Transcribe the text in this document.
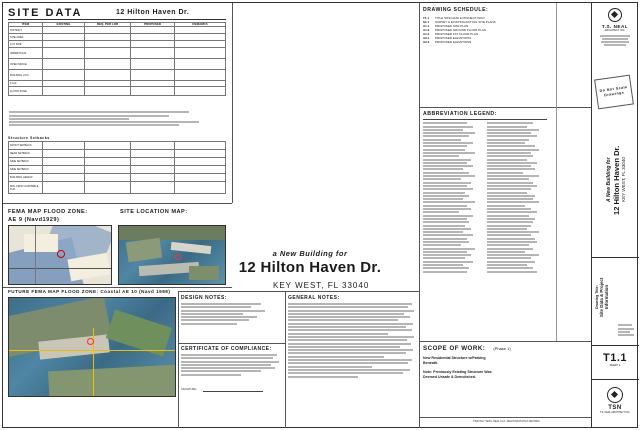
SITE DATA	12 Hilton Haven Dr.
ITEM	EXISTING	REQ. PER LDR	PROPOSED	REMARKS
DISTRICT				
SITE AREA				
LOT SIZE				
IMPERVIOUS				
OPEN SPACE				
BUILDING COV.				
F.A.R.				
FLOOD ZONE				
Structure Setbacks
FRONT SETBACK				
REAR SETBACK				
SIDE SETBACK				
SIDE SETBACK				
BUILDING HEIGHT				
MIN. FIRST HABITABLE FLR.				
FEMA MAP FLOOD ZONE:
AE 9 (Navd1929)
SITE LOCATION MAP:
FUTURE FEMA MAP FLOOD ZONE: Coastal AE 10 (Navd 1988)
a New Building for
12 Hilton Haven Dr.
KEY WEST, FL 33040
DESIGN NOTES:
CERTIFICATE OF COMPLIANCE:
SIGNATURE:
GENERAL NOTES:
TIMOTHY SETH NEAL FLA. REGISTRATION # AR97800
DRAWING SCHEDULE:
T1.1	TITLE SITE DATA & PROJECT INFO
S1.1	SURVEY & EXISTING/ACTUAL SITE PLANS
A1.1	PROPOSED SITE PLAN
A1.2	PROPOSED GROUND FLOOR PLAN
A1.3	PROPOSED 1ST FLOOR PLAN
A2.1	PROPOSED ELEVATIONS
A2.2	PROPOSED ELEVATIONS
ABBREVIATION LEGEND:
SCOPE OF WORK: (Phase 1)
New Residential Structure w/Parking
Beneath.
Note: Previously Existing Structure Was
Deemed Unsafe & Demolished.
T.S. NEAL
ARCHITECT INC.
Do Not Scale Drawings
A New Building for 12 Hilton Haven Dr. KEY WEST, FL 33040
Drawing Title: Site Data & Project Information
T1.1
SHEET 1
TSN
T.S. NEAL ARCHITECT INC.
